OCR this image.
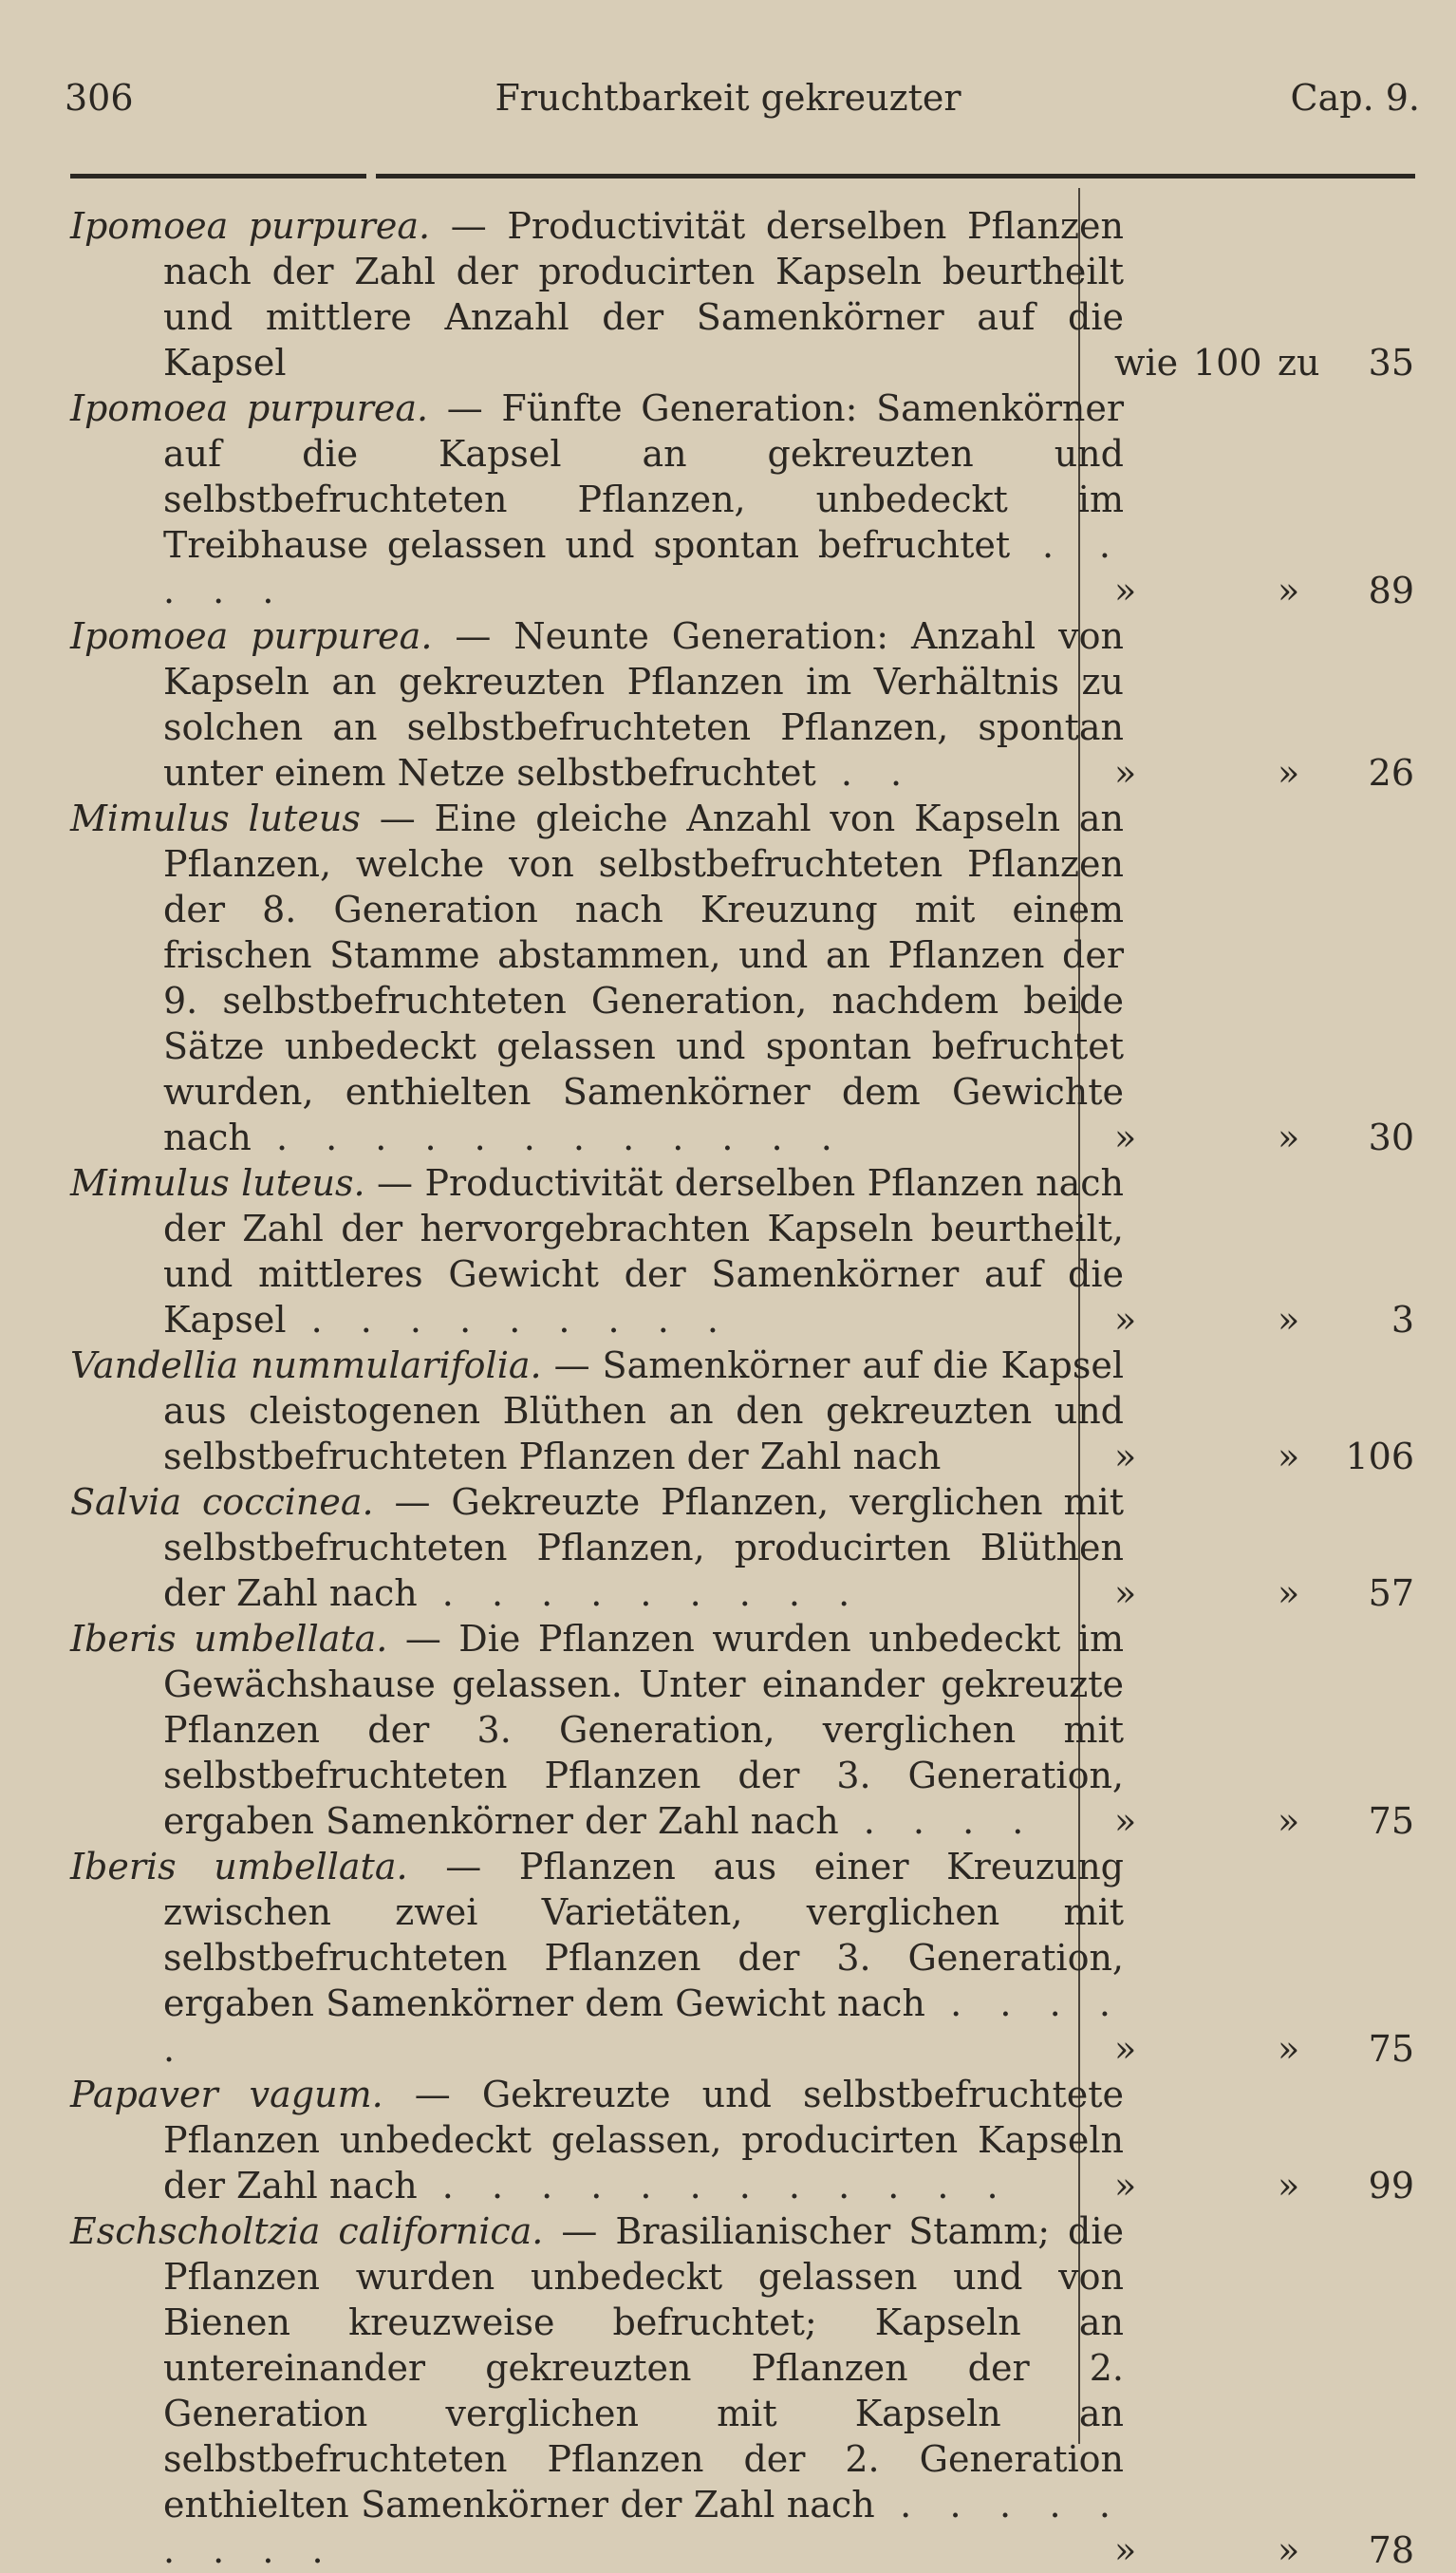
306	Fruchtbarkeit gekreuzter	Cap. 9.
Ipomoea purpurea. — Productivität derselben Pflanzen nach der Zahl der producirten Kapseln beurtheilt und mittlere Anzahl der Samenkörner auf die Kapsel	wie 100 zu 35
Ipomoea purpurea. — Fünfte Generation: Samenkörner auf die Kapsel an gekreuzten und selbstbefruchteten Pflanzen, unbedeckt im Treibhause gelassen und spontan befruchtet . . . . .	»	» 89
Ipomoea purpurea. — Neunte Generation: Anzahl von Kapseln an gekreuzten Pflanzen im Verhältnis zu solchen an selbstbefruchteten Pflanzen, spontan unter einem Netze selbstbefruchtet . .	»	» 26
Mimulus luteus — Eine gleiche Anzahl von Kapseln an Pflanzen, welche von selbstbefruchteten Pflanzen der 8. Generation nach Kreuzung mit einem frischen Stamme abstammen, und an Pflanzen der 9. selbstbefruchteten Generation, nachdem beide Sätze unbedeckt gelassen und spontan befruchtet wurden, enthielten Samenkörner dem Gewichte nach . . . . . . . . . . . .	»	» 30
Mimulus luteus. — Productivität derselben Pflanzen nach der Zahl der hervorgebrachten Kapseln beurtheilt, und mittleres Gewicht der Samenkörner auf die Kapsel . . . . . . . . .	»	»	3
Vandellia nummularifolia. — Samenkörner auf die Kapsel aus cleistogenen Blüthen an den gekreuzten und selbstbefruchteten Pflanzen der Zahl nach	»	» 106
Salvia coccinea. — Gekreuzte Pflanzen, verglichen mit selbstbefruchteten Pflanzen, producirten Blüthen der Zahl nach . . . . . . . . .	»	» 57
Iberis umbellata. — Die Pflanzen wurden unbedeckt im Gewächshause gelassen. Unter einander gekreuzte Pflanzen der 3. Generation, verglichen mit selbstbefruchteten Pflanzen der 3. Generation, ergaben Samenkörner der Zahl nach . . . .	»	» 75
Iberis umbellata. — Pflanzen aus einer Kreuzung zwischen zwei Varietäten, verglichen mit selbstbefruchteten Pflanzen der 3. Generation, ergaben Samenkörner dem Gewicht nach . . . . .	»	» 75
Papaver vagum. — Gekreuzte und selbstbefruchtete Pflanzen unbedeckt gelassen, producirten Kapseln der Zahl nach . . . . . . . . . . . .	»	» 99
Eschscholtzia californica. — Brasilianischer Stamm; die Pflanzen wurden unbedeckt gelassen und von Bienen kreuzweise befruchtet; Kapseln an untereinander gekreuzten Pflanzen der 2. Generation verglichen mit Kapseln an selbstbefruchteten Pflanzen der 2. Generation enthielten Samenkörner der Zahl nach . . . . . . . . .	»	» 78
